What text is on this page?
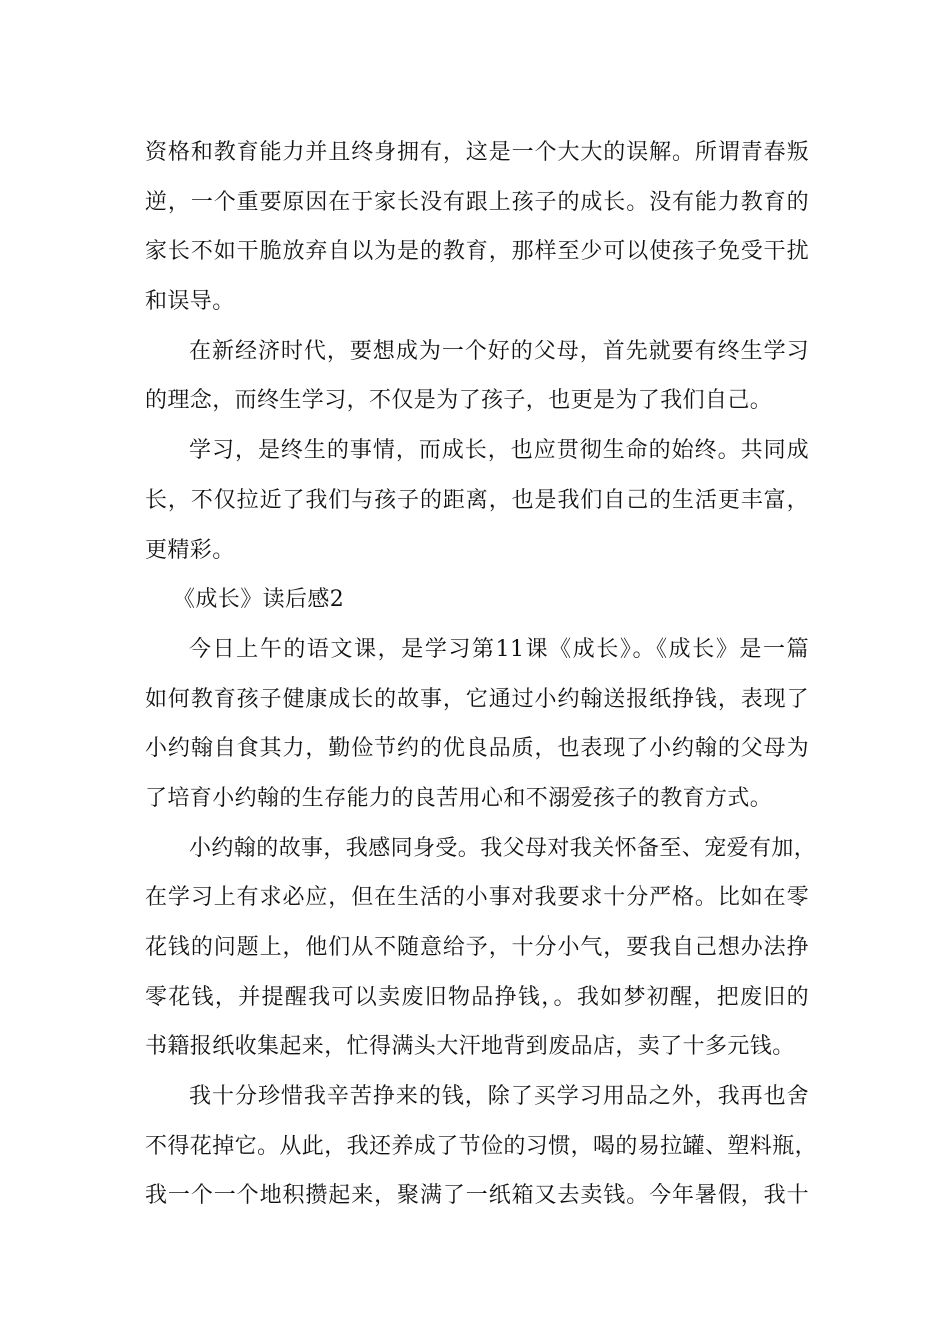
资格和教育能力并且终身拥有，这是一个大大的误解。所谓青春叛
逆，一个重要原因在于家长没有跟上孩子的成长。没有能力教育的
家长不如干脆放弃自以为是的教育，那样至少可以使孩子免受干扰
和误导。
在新经济时代，要想成为一个好的父母，首先就要有终生学习
的理念，而终生学习，不仅是为了孩子，也更是为了我们自己。
学习，是终生的事情，而成长，也应贯彻生命的始终。共同成
长，不仅拉近了我们与孩子的距离，也是我们自己的生活更丰富，
更精彩。
《成长》读后感2
今日上午的语文课，是学习第11课《成长》。《成长》是一篇
如何教育孩子健康成长的故事，它通过小约翰送报纸挣钱，表现了
小约翰自食其力，勤俭节约的优良品质，也表现了小约翰的父母为
了培育小约翰的生存能力的良苦用心和不溺爱孩子的教育方式。
小约翰的故事，我感同身受。我父母对我关怀备至、宠爱有加，
在学习上有求必应，但在生活的小事对我要求十分严格。比如在零
花钱的问题上，他们从不随意给予，十分小气，要我自己想办法挣
零花钱，并提醒我可以卖废旧物品挣钱，。我如梦初醒，把废旧的
书籍报纸收集起来，忙得满头大汗地背到废品店，卖了十多元钱。
我十分珍惜我辛苦挣来的钱，除了买学习用品之外，我再也舍
不得花掉它。从此，我还养成了节俭的习惯，喝的易拉罐、塑料瓶，
我一个一个地积攒起来，聚满了一纸箱又去卖钱。今年暑假，我十
